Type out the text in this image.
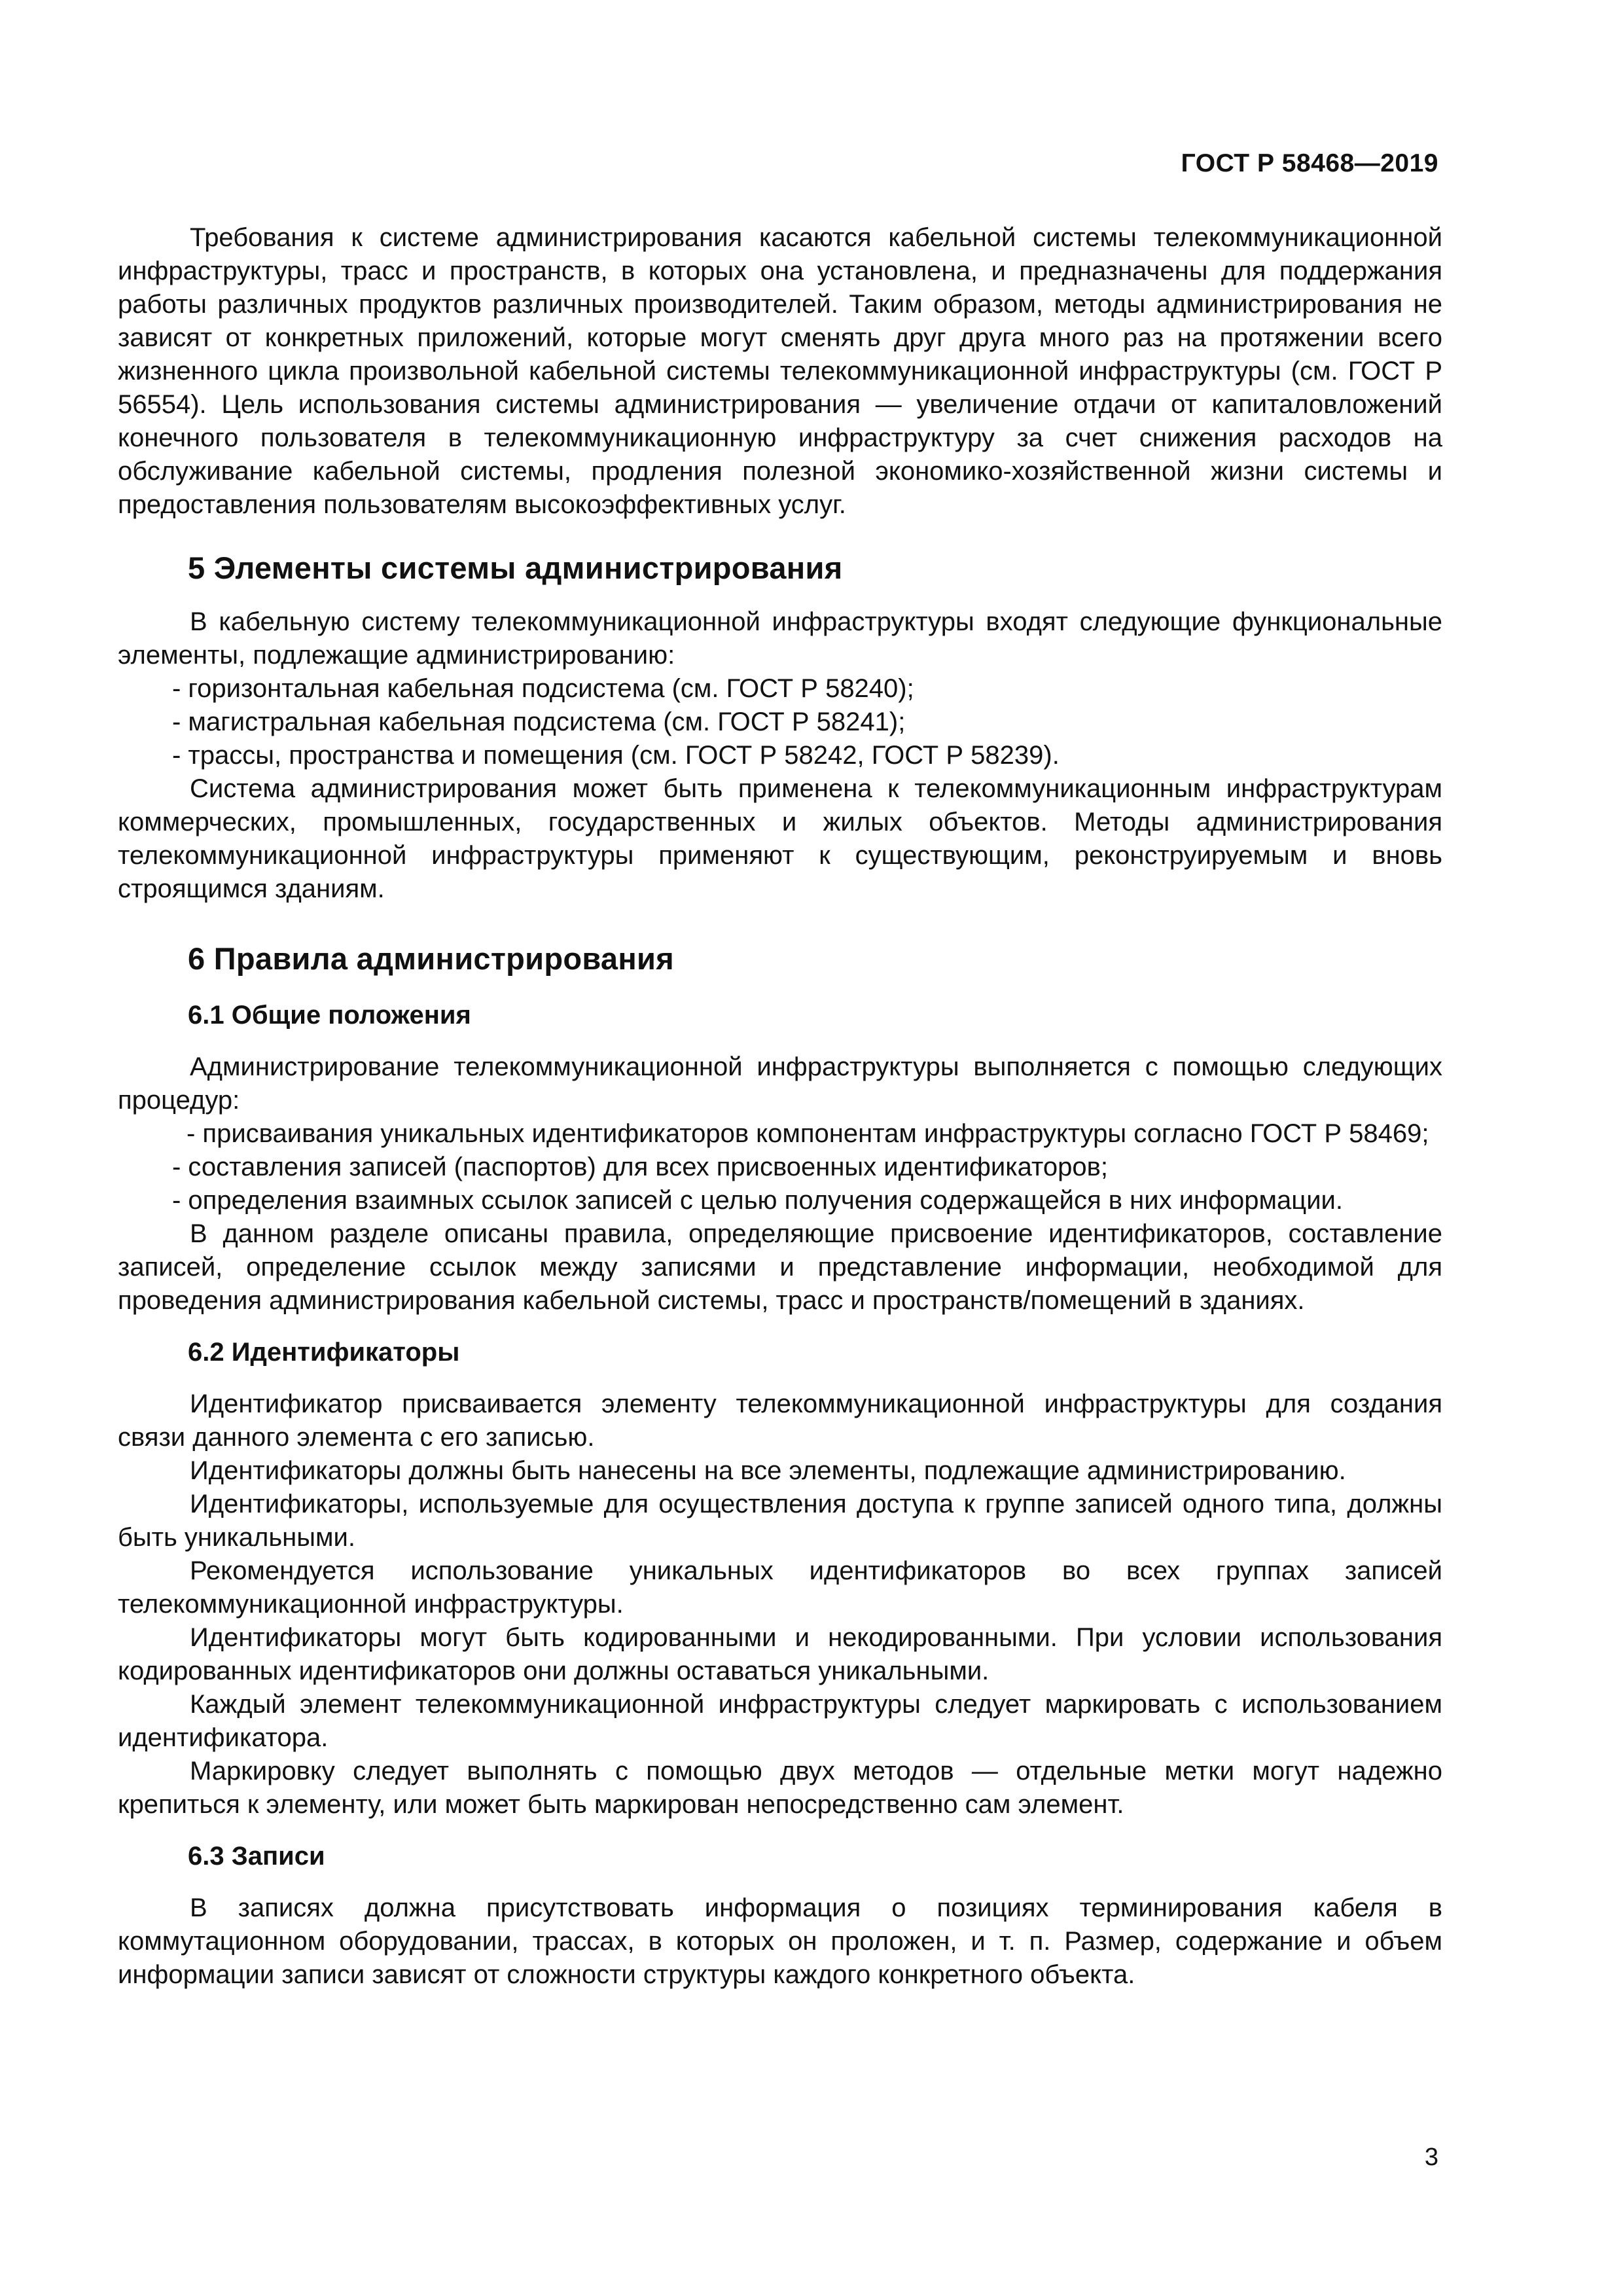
ГОСТ Р 58468—2019

Требования к системе администрирования касаются кабельной системы телекоммуникационной инфраструктуры, трасс и пространств, в которых она установлена, и предназначены для поддержания работы различных продуктов различных производителей. Таким образом, методы администрирования не зависят от конкретных приложений, которые могут сменять друг друга много раз на протяжении всего жизненного цикла произвольной кабельной системы телекоммуникационной инфраструктуры (см. ГОСТ Р 56554). Цель использования системы администрирования — увеличение отдачи от капиталовложений конечного пользователя в телекоммуникационную инфраструктуру за счет снижения расходов на обслуживание кабельной системы, продления полезной экономико-хозяйственной жизни системы и предоставления пользователям высокоэффективных услуг.

5 Элементы системы администрирования

В кабельную систему телекоммуникационной инфраструктуры входят следующие функциональные элементы, подлежащие администрированию:

- горизонтальная кабельная подсистема (см. ГОСТ Р 58240);

- магистральная кабельная подсистема (см. ГОСТ Р 58241);

- трассы, пространства и помещения (см. ГОСТ Р 58242, ГОСТ Р 58239).

Система администрирования может быть применена к телекоммуникационным инфраструктурам коммерческих, промышленных, государственных и жилых объектов. Методы администрирования телекоммуникационной инфраструктуры применяют к существующим, реконструируемым и вновь строящимся зданиям.

6 Правила администрирования
6.1 Общие положения

Администрирование телекоммуникационной инфраструктуры выполняется с помощью следующих процедур:

- присваивания уникальных идентификаторов компонентам инфраструктуры согласно ГОСТ Р 58469;

- составления записей (паспортов) для всех присвоенных идентификаторов;

- определения взаимных ссылок записей с целью получения содержащейся в них информации.

В данном разделе описаны правила, определяющие присвоение идентификаторов, составление записей, определение ссылок между записями и представление информации, необходимой для проведения администрирования кабельной системы, трасс и пространств/помещений в зданиях.

6.2 Идентификаторы

Идентификатор присваивается элементу телекоммуникационной инфраструктуры для создания связи данного элемента с его записью.

Идентификаторы должны быть нанесены на все элементы, подлежащие администрированию.

Идентификаторы, используемые для осуществления доступа к группе записей одного типа, должны быть уникальными.

Рекомендуется использование уникальных идентификаторов во всех группах записей телекоммуникационной инфраструктуры.

Идентификаторы могут быть кодированными и некодированными. При условии использования кодированных идентификаторов они должны оставаться уникальными.

Каждый элемент телекоммуникационной инфраструктуры следует маркировать с использованием идентификатора.

Маркировку следует выполнять с помощью двух методов — отдельные метки могут надежно крепиться к элементу, или может быть маркирован непосредственно сам элемент.

6.3 Записи

В записях должна присутствовать информация о позициях терминирования кабеля в коммутационном оборудовании, трассах, в которых он проложен, и т. п. Размер, содержание и объем информации записи зависят от сложности структуры каждого конкретного объекта.

3
